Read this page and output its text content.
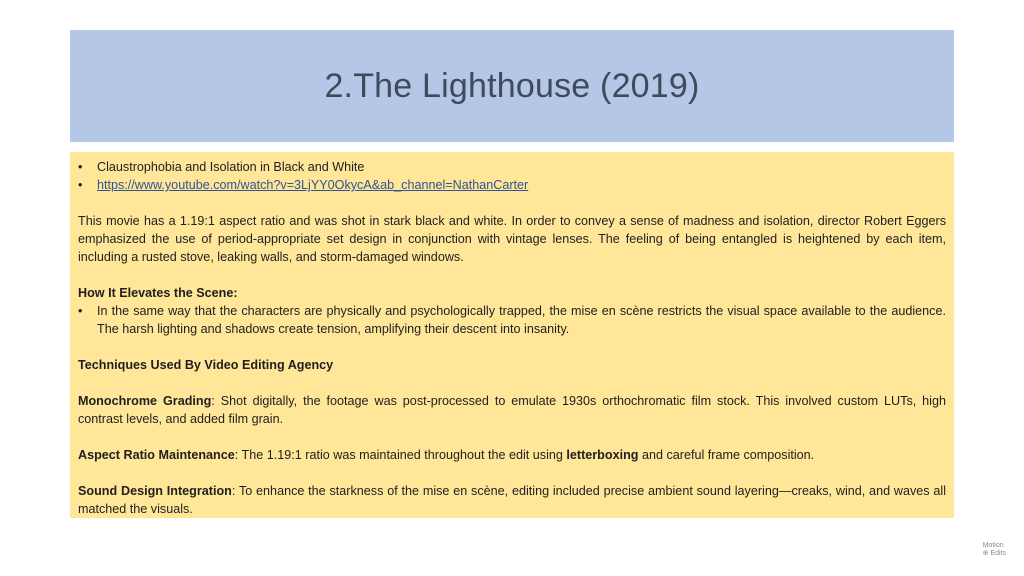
2.The Lighthouse (2019)
•	Claustrophobia and Isolation in Black and White
•	https://www.youtube.com/watch?v=3LjYY0OkycA&ab_channel=NathanCarter

This movie has a 1.19:1 aspect ratio and was shot in stark black and white. In order to convey a sense of madness and isolation, director Robert Eggers emphasized the use of period-appropriate set design in conjunction with vintage lenses. The feeling of being entangled is heightened by each item, including a rusted stove, leaking walls, and storm-damaged windows.

How It Elevates the Scene:
•	In the same way that the characters are physically and psychologically trapped, the mise en scène restricts the visual space available to the audience. The harsh lighting and shadows create tension, amplifying their descent into insanity.

Techniques Used By Video Editing Agency

Monochrome Grading: Shot digitally, the footage was post-processed to emulate 1930s orthochromatic film stock. This involved custom LUTs, high contrast levels, and added film grain.

Aspect Ratio Maintenance: The 1.19:1 ratio was maintained throughout the edit using letterboxing and careful frame composition.

Sound Design Integration: To enhance the starkness of the mise en scène, editing included precise ambient sound layering—creaks, wind, and waves all matched the visuals.

Motion
⊕ Edits
